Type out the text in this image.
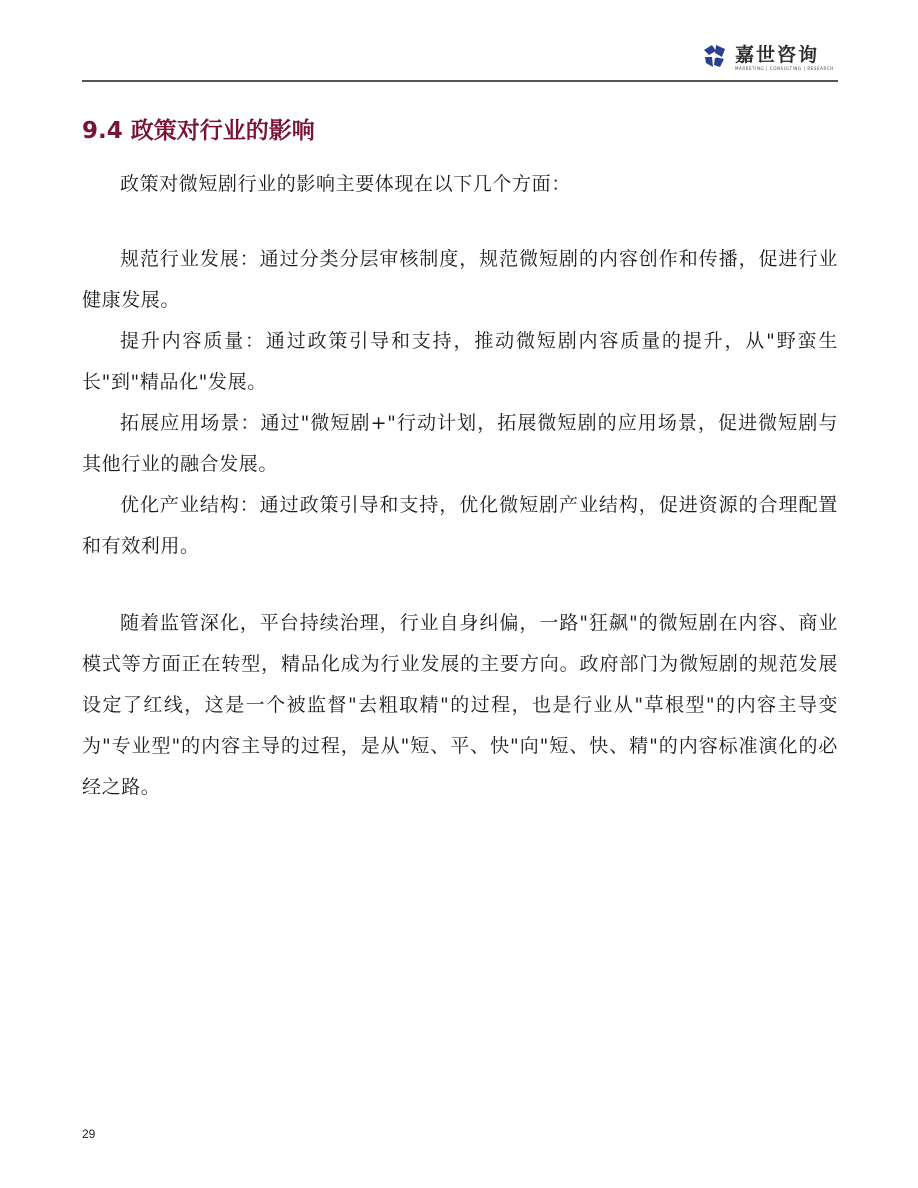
嘉世咨询
MARKETING | CONSULTING | RESEARCH
9.4 政策对行业的影响

政策对微短剧行业的影响主要体现在以下几个方面：

规范行业发展：通过分类分层审核制度，规范微短剧的内容创作和传播，促进行业健康发展。

提升内容质量：通过政策引导和支持，推动微短剧内容质量的提升，从"野蛮生长"到"精品化"发展。

拓展应用场景：通过"微短剧+"行动计划，拓展微短剧的应用场景，促进微短剧与其他行业的融合发展。

优化产业结构：通过政策引导和支持，优化微短剧产业结构，促进资源的合理配置和有效利用。

随着监管深化，平台持续治理，行业自身纠偏，一路"狂飙"的微短剧在内容、商业模式等方面正在转型，精品化成为行业发展的主要方向。政府部门为微短剧的规范发展设定了红线，这是一个被监督"去粗取精"的过程，也是行业从"草根型"的内容主导变为"专业型"的内容主导的过程，是从"短、平、快"向"短、快、精"的内容标准演化的必经之路。

29
